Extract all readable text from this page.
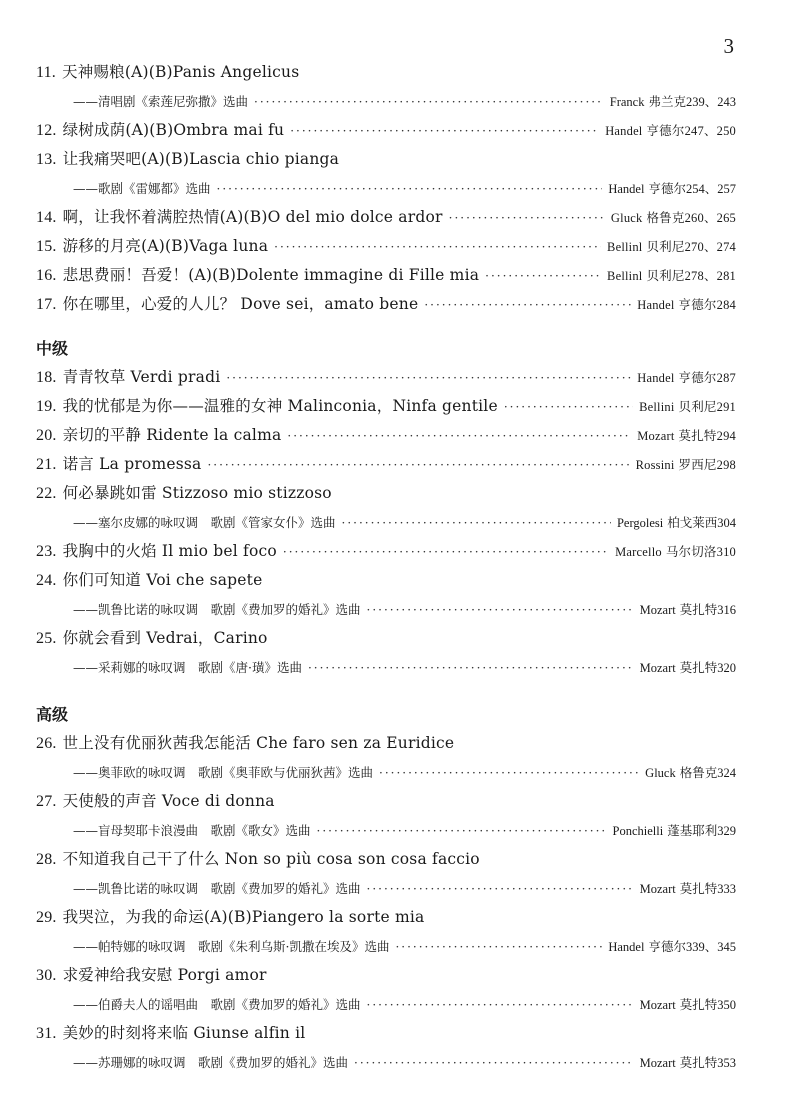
3
11. 天神赐粮(A)(B)Panis Angelicus
——清唱剧《索莲尼弥撒》选曲 ·····	Franck 弗兰克239、243
12. 绿树成荫(A)(B)Ombra mai fu ·····	Handel 亨德尔247、250
13. 让我痛哭吧(A)(B)Lascia chio pianga
——歌剧《雷娜都》选曲 ·····	Handel 亨德尔254、257
14. 啊，让我怀着满腔热情(A)(B)O del mio dolce ardor ·····	Gluck 格鲁克260、265
15. 游移的月亮(A)(B)Vaga luna ·····	Bellinl 贝利尼270、274
16. 悲思费丽！吾爱！(A)(B)Dolente immagine di Fille mia ·····	Bellinl 贝利尼278、281
17. 你在哪里，心爱的人儿？ Dove sei，amato bene ·····	Handel 亨德尔284
中级
18. 青青牧草 Verdi pradi ·····	Handel 亨德尔287
19. 我的忧郁是为你——温雅的女神 Malinconia，Ninfa gentile ·····	Bellini 贝利尼291
20. 亲切的平静 Ridente la calma ·····	Mozart 莫扎特294
21. 诺言 La promessa ·····	Rossini 罗西尼298
22. 何必暴跳如雷 Stizzoso mio stizzoso
——塞尔皮娜的咏叹调　歌剧《管家女仆》选曲 ·····	Pergolesi 柏戈莱西304
23. 我胸中的火焰 Il mio bel foco ·····	Marcello 马尔切洛310
24. 你们可知道 Voi che sapete
——凯鲁比诺的咏叹调　歌剧《费加罗的婚礼》选曲 ·····	Mozart 莫扎特316
25. 你就会看到 Vedrai，Carino
——采莉娜的咏叹调　歌剧《唐·璜》选曲 ·····	Mozart 莫扎特320
高级
26. 世上没有优丽狄茜我怎能活 Che faro sen za Euridice
——奥菲欧的咏叹调　歌剧《奥菲欧与优丽狄茜》选曲 ·····	Gluck 格鲁克324
27. 天使般的声音 Voce di donna
——盲母契耶卡浪漫曲　歌剧《歌女》选曲 ·····	Ponchielli 蓬基耶利329
28. 不知道我自己干了什么 Non so più cosa son cosa faccio
——凯鲁比诺的咏叹调　歌剧《费加罗的婚礼》选曲 ·····	Mozart 莫扎特333
29. 我哭泣，为我的命运(A)(B)Piangero la sorte mia
——帕特娜的咏叹调　歌剧《朱利乌斯·凯撒在埃及》选曲 ·····	Handel 亨德尔339、345
30. 求爱神给我安慰 Porgi amor
——伯爵夫人的谣唱曲　歌剧《费加罗的婚礼》选曲 ·····	Mozart 莫扎特350
31. 美妙的时刻将来临 Giunse alfin il
——苏珊娜的咏叹调　歌剧《费加罗的婚礼》选曲 ·····	Mozart 莫扎特353
